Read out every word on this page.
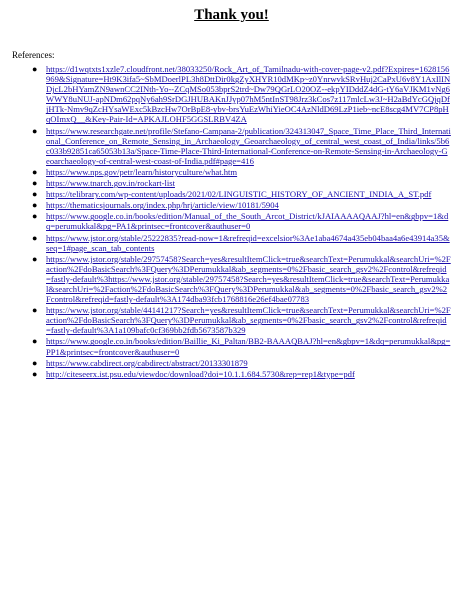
Thank you!
References:
● https://d1wqtxts1xzle7.cloudfront.net/38033250/Rock_Art_of_Tamilnadu-with-cover-page-v2.pdf?Expires=1628156969&Signature=Ht9K3ifa5~SbMDoerlPL3h8DttDir0kgZyXHYR10dMKp~z0YnrwvkSRvHuj2CaPxU6v8Y1AxIlINDjcL2bHYamZN9awnCC2INth-Yo--ZCqMSo053bprS2trd~Dw79QGrLO20OZ--ekpYIDddZ4dG-tY6aVJKM1vNg6WWY8uNUJ-apNDm62pqNy6ah9SrDGJHUBAKnJJyp07hM5ntInST98Jrz3kCos7z117mlcLw3J~H2aBdYcGQjqDfjHTk-Nmv9qZcHYsaWExc5kBzcHw7OrBpE8-ybv-brsYuEzWhiYieOC4AzNldD69LzP1ieb~ncE8scg4MV7CP8pHqOImxQ__&Key-Pair-Id=APKAJLOHF5GGSLRBV4ZA
● https://www.researchgate.net/profile/Stefano-Campana-2/publication/324313047_Space_Time_Place_Third_International_Conference_on_Remote_Sensing_in_Archaeology_Geoarchaeology_of_central_west_coast_of_India/links/5b6c033b92851ca65053b13a/Space-Time-Place-Third-International-Conference-on-Remote-Sensing-in-Archaeology-Geoarchaeology-of-central-west-coast-of-India.pdf#page=416
● https://www.nps.gov/petr/learn/historyculture/what.htm
● https://www.tnarch.gov.in/rockart-list
● https://telibrary.com/wp-content/uploads/2021/02/LINGUISTIC_HISTORY_OF_ANCIENT_INDIA_A_ST.pdf
● https://thematicsjournals.org/index.php/hrj/article/view/10181/5904
● https://www.google.co.in/books/edition/Manual_of_the_South_Arcot_District/kJAIAAAAQAAJ?hl=en&gbpv=1&dq=perumukkal&pg=PA1&printsec=frontcover&authuser=0
● https://www.jstor.org/stable/25222835?read-now=1&refreqid=excelsior%3Ae1aba4674a435eb04baa4a6e43914a35&seq=1#page_scan_tab_contents
● https://www.jstor.org/stable/29757458?Search=yes&resultItemClick=true&searchText=Perumukkal&searchUri=%2Faction%2FdoBasicSearch%3FQuery%3DPerumukkal&ab_segments=0%2Fbasic_search_gsv2%2Fcontrol&refreqid=fastly-default%3https://www.jstor.org/stable/29757458?Search=yes&resultItemClick=true&searchText=Perumukkal&searchUri=%2Faction%2FdoBasicSearch%3FQuery%3DPerumukkal&ab_segments=0%2Fbasic_search_gsv2%2Fcontrol&refreqid=fastly-default%3A174dba93fcb1768816e26ef4bae07783
● https://www.jstor.org/stable/44141217?Search=yes&resultItemClick=true&searchText=Perumukkal&searchUri=%2Faction%2FdoBasicSearch%3FQuery%3DPerumukkal&ab_segments=0%2Fbasic_search_gsv2%2Fcontrol&refreqid=fastly-default%3A1a109bafc0cf369bb2fdb5673587b329
● https://www.google.co.in/books/edition/Baillie_Ki_Paltan/BB2-BAAAQBAJ?hl=en&gbpv=1&dq=perumukkal&pg=PP1&printsec=frontcover&authuser=0
● https://www.cabdirect.org/cabdirect/abstract/20133301879
● http://citeseerx.ist.psu.edu/viewdoc/download?doi=10.1.1.684.5730&rep=rep1&type=pdf
